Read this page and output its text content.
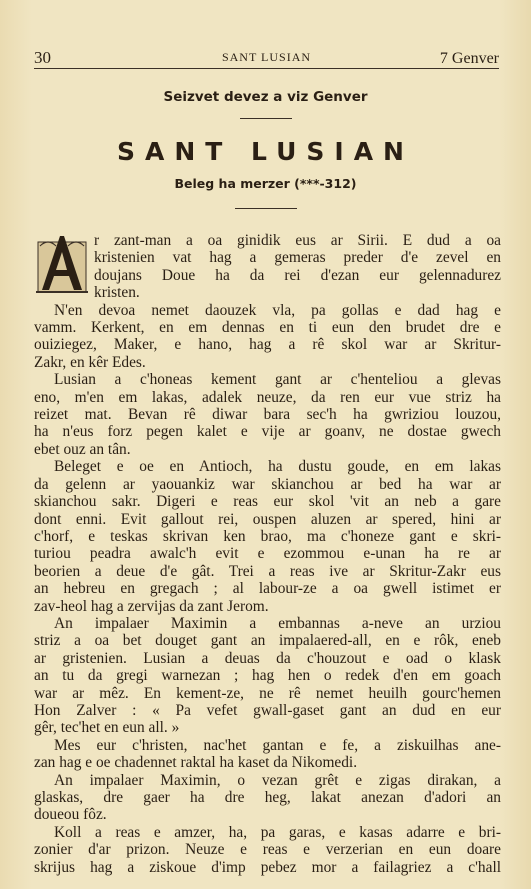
30	SANT LUSIAN	7 Genver
Seizvet devez a viz Genver
SANT LUSIAN
Beleg ha merzer (***-312)
A	r zant-man a oa ginidik eus ar Sirii. E dud a oa
kristenien vat hag a gemeras preder d'e zevel en
doujans Doue ha da rei d'ezan eur gelennadurez
kristen.
N'en devoa nemet daouzek vla, pa gollas e dad hag e
vamm. Kerkent, en em dennas en ti eun den brudet dre e
ouiziegez, Maker, e hano, hag a rê skol war ar Skritur-
Zakr, en kêr Edes.
Lusian a c'honeas kement gant ar c'henteliou a glevas
eno, m'en em lakas, adalek neuze, da ren eur vue striz ha
reizet mat. Bevan rê diwar bara sec'h ha gwriziou louzou,
ha n'eus forz pegen kalet e vije ar goanv, ne dostae gwech
ebet ouz an tân.
Beleget e oe en Antioch, ha dustu goude, en em lakas
da gelenn ar yaouankiz war skianchou ar bed ha war ar
skianchou sakr. Digeri e reas eur skol 'vit an neb a gare
dont enni. Evit gallout rei, ouspen aluzen ar spered, hini ar
c'horf, e teskas skrivan ken brao, ma c'honeze gant e skri-
turiou peadra awalc'h evit e ezommou e-unan ha re ar
beorien a deue d'e gât. Trei a reas ive ar Skritur-Zakr eus
an hebreu en gregach ; al labour-ze a oa gwell istimet er
zav-heol hag a zervijas da zant Jerom.
An impalaer Maximin a embannas a-neve an urziou
striz a oa bet douget gant an impalaered-all, en e rôk, eneb
ar gristenien. Lusian a deuas da c'houzout e oad o klask
an tu da gregi warnezan ; hag hen o redek d'en em goach
war ar mêz. En kement-ze, ne rê nemet heuilh gourc'hemen
Hon Zalver : « Pa vefet gwall-gaset gant an dud en eur
gêr, tec'het en eun all. »
Mes eur c'hristen, nac'het gantan e fe, a ziskuilhas ane-
zan hag e oe chadennet raktal ha kaset da Nikomedi.
An impalaer Maximin, o vezan grêt e zigas dirakan, a
glaskas, dre gaer ha dre heg, lakat anezan d'adori an
doueou fôz.
Koll a reas e amzer, ha, pa garas, e kasas adarre e bri-
zonier d'ar prizon. Neuze e reas e verzerian en eun doare
skrijus hag a ziskoue d'imp pebez mor a failagriez a c'hall
